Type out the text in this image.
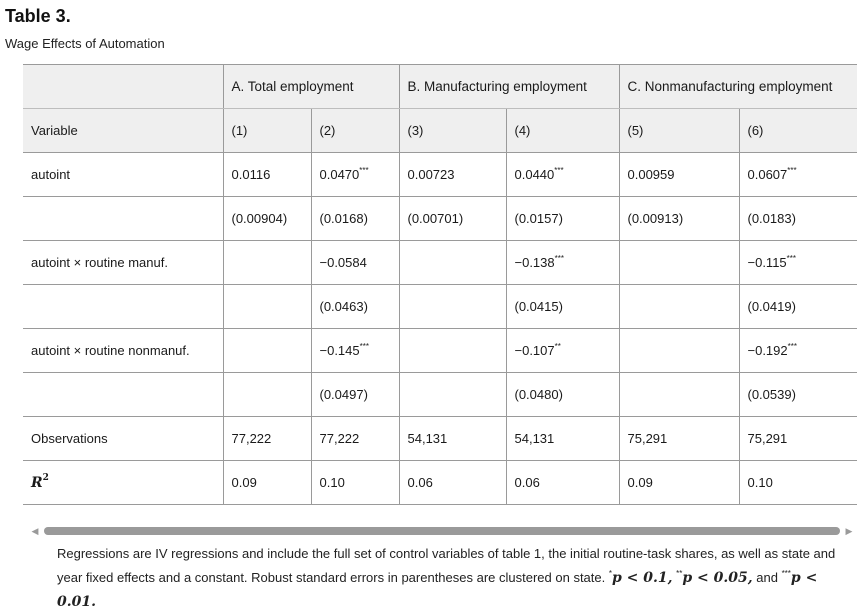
Table 3.
Wage Effects of Automation
	A. Total employment		B. Manufacturing employment		C. Nonmanufacturing employment	
Variable	(1)	(2)	(3)	(4)	(5)	(6)
autoint	0.0116	0.0470***	0.00723	0.0440***	0.00959	0.0607***
	(0.00904)	(0.0168)	(0.00701)	(0.0157)	(0.00913)	(0.0183)
autoint × routine manuf.		−0.0584		−0.138***		−0.115***
		(0.0463)		(0.0415)		(0.0419)
autoint × routine nonmanuf.		−0.145***		−0.107**		−0.192***
		(0.0497)		(0.0480)		(0.0539)
Observations	77,222	77,222	54,131	54,131	75,291	75,291
$R^2$	0.09	0.10	0.06	0.06	0.09	0.10
◀	▶
Regressions are IV regressions and include the full set of control variables of table 1, the initial routine-task shares, as well as state and year fixed effects and a constant. Robust standard errors in parentheses are clustered on state. *p < 0.1, **p < 0.05, and ***p < 0.01.
